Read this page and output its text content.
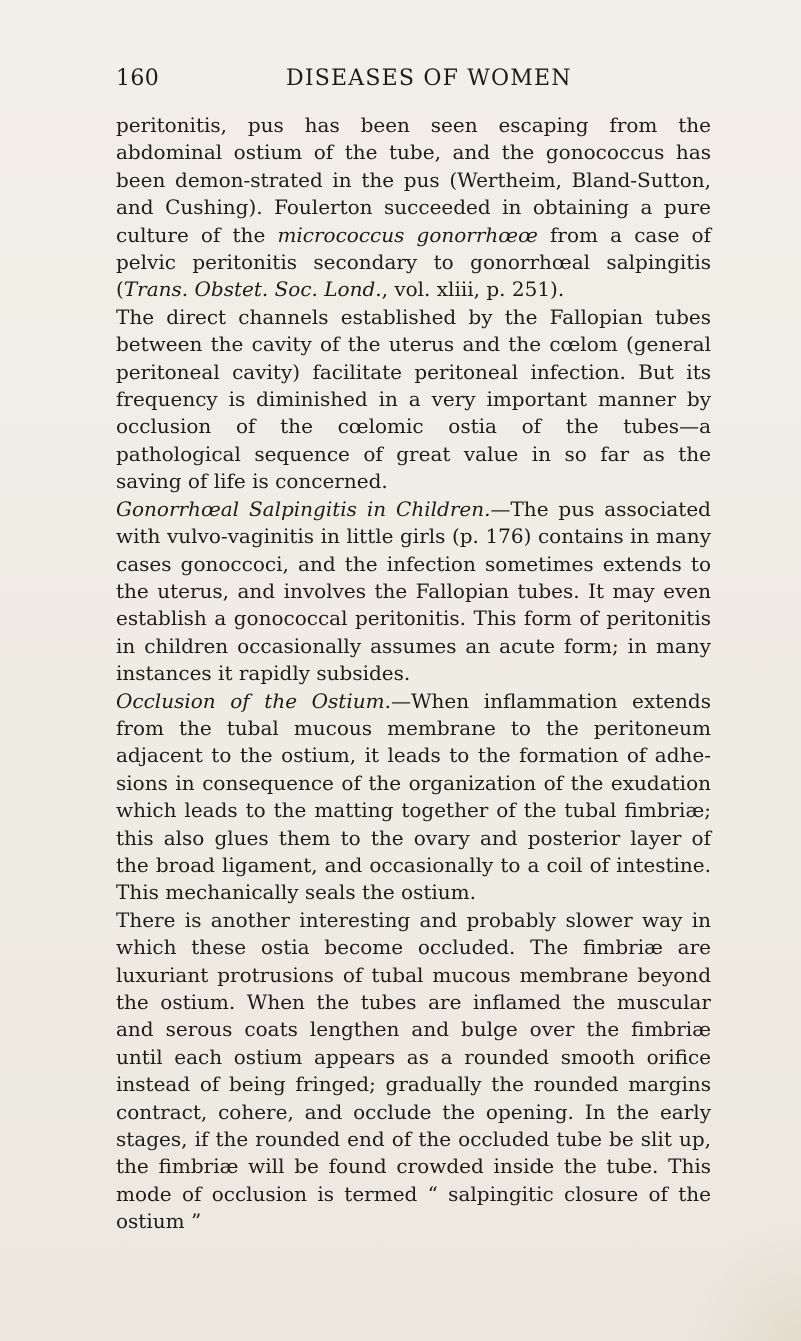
160	DISEASES OF WOMEN

peritonitis, pus has been seen escaping from the abdominal ostium of the tube, and the gonococcus has been demon-strated in the pus (Wertheim, Bland-Sutton, and Cushing). Foulerton succeeded in obtaining a pure culture of the micrococcus gonorrhœœ from a case of pelvic peritonitis secondary to gonorrhœal salpingitis (Trans. Obstet. Soc. Lond., vol. xliii, p. 251).

The direct channels established by the Fallopian tubes between the cavity of the uterus and the cœlom (general peritoneal cavity) facilitate peritoneal infection. But its frequency is diminished in a very important manner by occlusion of the cœlomic ostia of the tubes—a pathological sequence of great value in so far as the saving of life is concerned.

Gonorrhœal Salpingitis in Children.—The pus associated with vulvo-vaginitis in little girls (p. 176) contains in many cases gonoccoci, and the infection sometimes extends to the uterus, and involves the Fallopian tubes. It may even establish a gonococcal peritonitis. This form of peritonitis in children occasionally assumes an acute form; in many instances it rapidly subsides.

Occlusion of the Ostium.—When inflammation extends from the tubal mucous membrane to the peritoneum adjacent to the ostium, it leads to the formation of adhe-sions in consequence of the organization of the exudation which leads to the matting together of the tubal fimbriæ; this also glues them to the ovary and posterior layer of the broad ligament, and occasionally to a coil of intestine. This mechanically seals the ostium.

There is another interesting and probably slower way in which these ostia become occluded. The fimbriæ are luxuriant protrusions of tubal mucous membrane beyond the ostium. When the tubes are inflamed the muscular and serous coats lengthen and bulge over the fimbriæ until each ostium appears as a rounded smooth orifice instead of being fringed; gradually the rounded margins contract, cohere, and occlude the opening. In the early stages, if the rounded end of the occluded tube be slit up, the fimbriæ will be found crowded inside the tube. This mode of occlusion is termed “ salpingitic closure of the ostium ”
